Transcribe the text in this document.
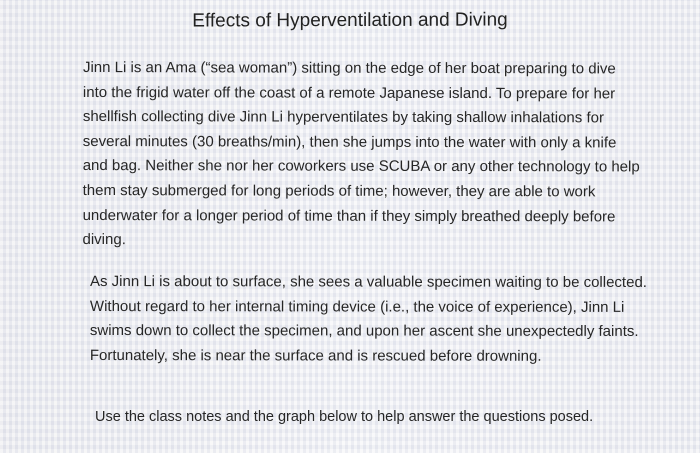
Effects of Hyperventilation and Diving

Jinn Li is an Ama (“sea woman”) sitting on the edge of her boat preparing to dive
into the frigid water off the coast of a remote Japanese island. To prepare for her
shellfish collecting dive Jinn Li hyperventilates by taking shallow inhalations for
several minutes (30 breaths/min), then she jumps into the water with only a knife
and bag. Neither she nor her coworkers use SCUBA or any other technology to help
them stay submerged for long periods of time; however, they are able to work
underwater for a longer period of time than if they simply breathed deeply before
diving.

As Jinn Li is about to surface, she sees a valuable specimen waiting to be collected.
Without regard to her internal timing device (i.e., the voice of experience), Jinn Li
swims down to collect the specimen, and upon her ascent she unexpectedly faints.
Fortunately, she is near the surface and is rescued before drowning.

Use the class notes and the graph below to help answer the questions posed.
